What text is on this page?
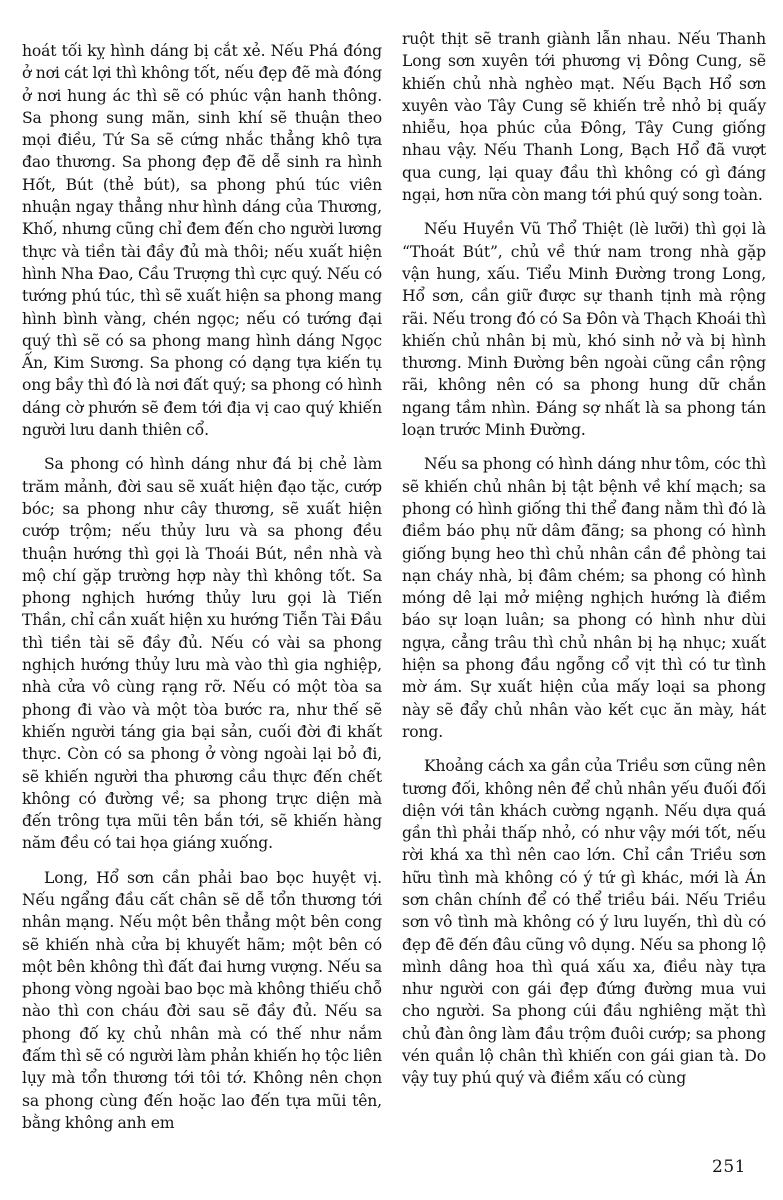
hoát tối kỵ hình dáng bị cắt xẻ. Nếu Phá đóng ở nơi cát lợi thì không tốt, nếu đẹp đẽ mà đóng ở nơi hung ác thì sẽ có phúc vận hanh thông. Sa phong sung mãn, sinh khí sẽ thuận theo mọi điều, Tứ Sa sẽ cứng nhắc thẳng khô tựa đao thương. Sa phong đẹp đẽ dễ sinh ra hình Hốt, Bút (thẻ bút), sa phong phú túc viên nhuận ngay thẳng như hình dáng của Thương, Khố, nhưng cũng chỉ đem đến cho người lương thực và tiền tài đầy đủ mà thôi; nếu xuất hiện hình Nha Đao, Cầu Trượng thì cực quý. Nếu có tướng phú túc, thì sẽ xuất hiện sa phong mang hình bình vàng, chén ngọc; nếu có tướng đại quý thì sẽ có sa phong mang hình dáng Ngọc Ấn, Kim Sương. Sa phong có dạng tựa kiến tụ ong bầy thì đó là nơi đất quý; sa phong có hình dáng cờ phướn sẽ đem tới địa vị cao quý khiến người lưu danh thiên cổ.

Sa phong có hình dáng như đá bị chẻ làm trăm mảnh, đời sau sẽ xuất hiện đạo tặc, cướp bóc; sa phong như cây thương, sẽ xuất hiện cướp trộm; nếu thủy lưu và sa phong đều thuận hướng thì gọi là Thoái Bút, nền nhà và mộ chí gặp trường hợp này thì không tốt. Sa phong nghịch hướng thủy lưu gọi là Tiến Thần, chỉ cần xuất hiện xu hướng Tiễn Tài Đầu thì tiền tài sẽ đầy đủ. Nếu có vài sa phong nghịch hướng thủy lưu mà vào thì gia nghiệp, nhà cửa vô cùng rạng rỡ. Nếu có một tòa sa phong đi vào và một tòa bước ra, như thế sẽ khiến người táng gia bại sản, cuối đời đi khất thực. Còn có sa phong ở vòng ngoài lại bỏ đi, sẽ khiến người tha phương cầu thực đến chết không có đường về; sa phong trực diện mà đến trông tựa mũi tên bắn tới, sẽ khiến hàng năm đều có tai họa giáng xuống.

Long, Hổ sơn cần phải bao bọc huyệt vị. Nếu ngẩng đầu cất chân sẽ dễ tổn thương tới nhân mạng. Nếu một bên thẳng một bên cong sẽ khiến nhà cửa bị khuyết hãm; một bên có một bên không thì đất đai hưng vượng. Nếu sa phong vòng ngoài bao bọc mà không thiếu chỗ nào thì con cháu đời sau sẽ đầy đủ. Nếu sa phong đố kỵ chủ nhân mà có thế như nắm đấm thì sẽ có người làm phản khiến họ tộc liên lụy mà tổn thương tới tôi tớ. Không nên chọn sa phong cùng đến hoặc lao đến tựa mũi tên, bằng không anh em

ruột thịt sẽ tranh giành lẫn nhau. Nếu Thanh Long sơn xuyên tới phương vị Đông Cung, sẽ khiến chủ nhà nghèo mạt. Nếu Bạch Hổ sơn xuyên vào Tây Cung sẽ khiến trẻ nhỏ bị quấy nhiễu, họa phúc của Đông, Tây Cung giống nhau vậy. Nếu Thanh Long, Bạch Hổ đã vượt qua cung, lại quay đầu thì không có gì đáng ngại, hơn nữa còn mang tới phú quý song toàn.

Nếu Huyền Vũ Thổ Thiệt (lè lưỡi) thì gọi là “Thoát Bút”, chủ về thứ nam trong nhà gặp vận hung, xấu. Tiểu Minh Đường trong Long, Hổ sơn, cần giữ được sự thanh tịnh mà rộng rãi. Nếu trong đó có Sa Đôn và Thạch Khoái thì khiến chủ nhân bị mù, khó sinh nở và bị hình thương. Minh Đường bên ngoài cũng cần rộng rãi, không nên có sa phong hung dữ chắn ngang tầm nhìn. Đáng sợ nhất là sa phong tán loạn trước Minh Đường.

Nếu sa phong có hình dáng như tôm, cóc thì sẽ khiến chủ nhân bị tật bệnh về khí mạch; sa phong có hình giống thi thể đang nằm thì đó là điềm báo phụ nữ dâm đãng; sa phong có hình giống bụng heo thì chủ nhân cần đề phòng tai nạn cháy nhà, bị đâm chém; sa phong có hình móng dê lại mở miệng nghịch hướng là điềm báo sự loạn luân; sa phong có hình như dùi ngựa, cẳng trâu thì chủ nhân bị hạ nhục; xuất hiện sa phong đầu ngỗng cổ vịt thì có tư tình mờ ám. Sự xuất hiện của mấy loại sa phong này sẽ đẩy chủ nhân vào kết cục ăn mày, hát rong.

Khoảng cách xa gần của Triều sơn cũng nên tương đối, không nên để chủ nhân yếu đuối đối diện với tân khách cường ngạnh. Nếu dựa quá gần thì phải thấp nhỏ, có như vậy mới tốt, nếu rời khá xa thì nên cao lớn. Chỉ cần Triều sơn hữu tình mà không có ý tứ gì khác, mới là Án sơn chân chính để có thể triều bái. Nếu Triều sơn vô tình mà không có ý lưu luyến, thì dù có đẹp đẽ đến đâu cũng vô dụng. Nếu sa phong lộ mình dâng hoa thì quá xấu xa, điều này tựa như người con gái đẹp đứng đường mua vui cho người. Sa phong cúi đầu nghiêng mặt thì chủ đàn ông làm đầu trộm đuôi cướp; sa phong vén quần lộ chân thì khiến con gái gian tà. Do vậy tuy phú quý và điềm xấu có cùng

251
